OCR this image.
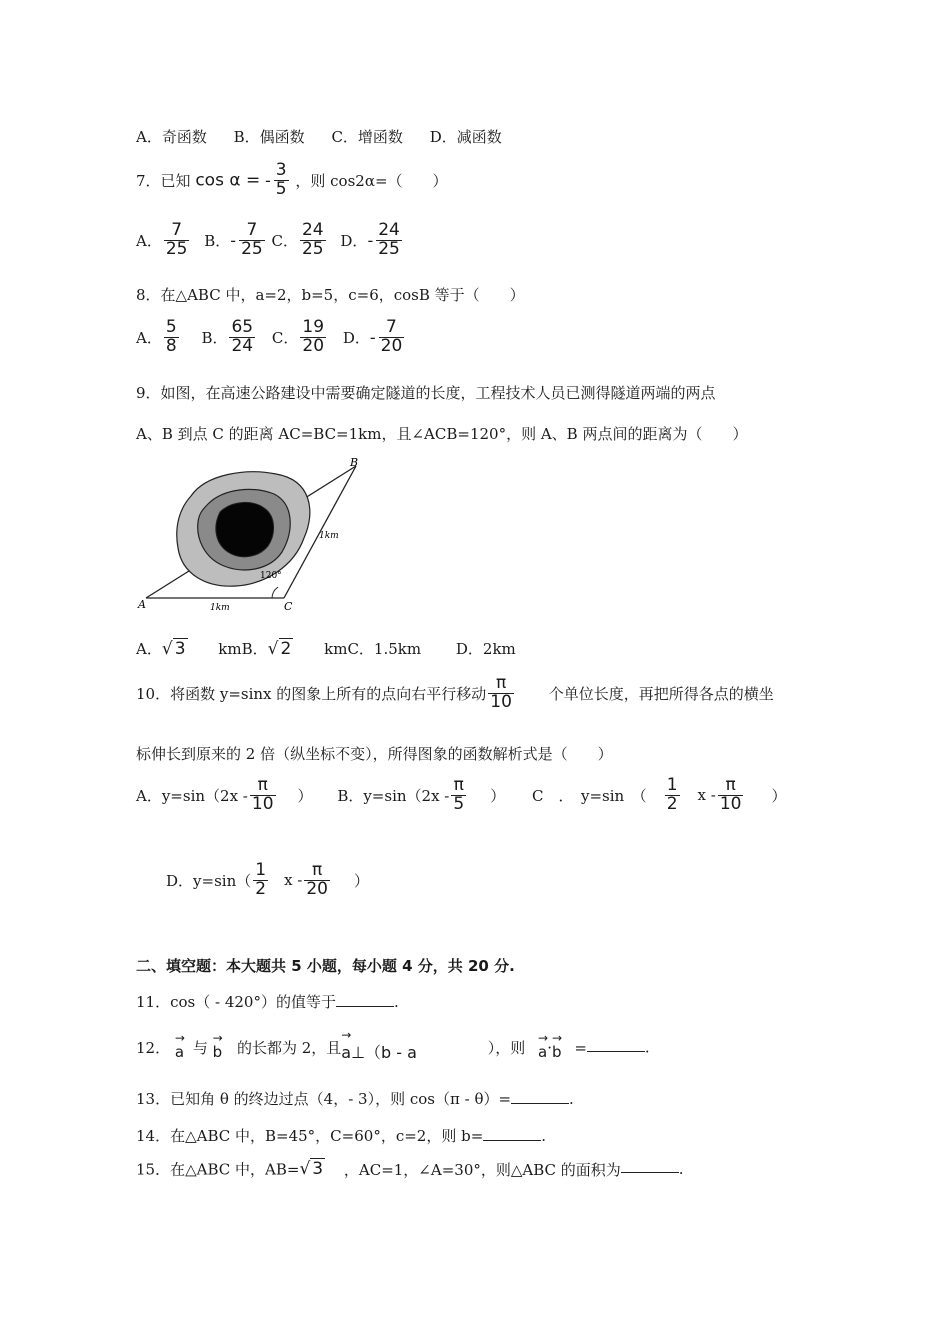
A．奇函数 B．偶函数 C．增函数 D．减函数
7．已知 cos α = - $\frac{3}{5}$ ，则 cos2α=（　　）
A． $\frac{7}{25}$ B．- $\frac{7}{25}$ C． $\frac{24}{25}$ D．- $\frac{24}{25}$
8．在△ABC 中，a=2，b=5，c=6，cosB 等于（　　）
A． $\frac{5}{8}$ B． $\frac{65}{24}$ C． $\frac{19}{20}$ D．- $\frac{7}{20}$
9．如图，在高速公路建设中需要确定隧道的长度，工程技术人员已测得隧道两端的两点
A、B 到点 C 的距离 AC=BC=1km，且∠ACB=120°，则 A、B 两点间的距离为（　　）
A
B
C
1km
1km
120°
A．√ 3 kmB．√ 2 kmC．1.5km D．2km
10．将函数 y=sinx 的图象上所有的点向右平行移动 $\frac{\pi}{10}$ 个单位长度，再把所得各点的横坐
标伸长到原来的 2 倍（纵坐标不变），所得图象的函数解析式是（　　）
A．$y=\sin(2x - \frac{\pi}{10}$ ） B．$y=\sin(2x - \frac{\pi}{5}$ ） C　．　y=sin　（ $\frac{1}{2}$ x - $\frac{\pi}{10}$ ）
D．$y=\sin( \frac{1}{2}$ x - $\frac{\pi}{20}$ ）
二、填空题：本大题共 5 小题，每小题 4 分，共 20 分.
11．cos（ - 420°）的值等于	.
12． → a 与 → b 的长都为 2，且→ a⊥（b - a	），则 → a·→ b =	.
13．已知角 θ 的终边过点（4，- 3），则 cos（π - θ）=	.
14．在△ABC 中，B=45°，C=60°，c=2，则 b=	.
15．在△ABC 中，AB=√ 3 ，AC=1，∠A=30°，则△ABC 的面积为	.
